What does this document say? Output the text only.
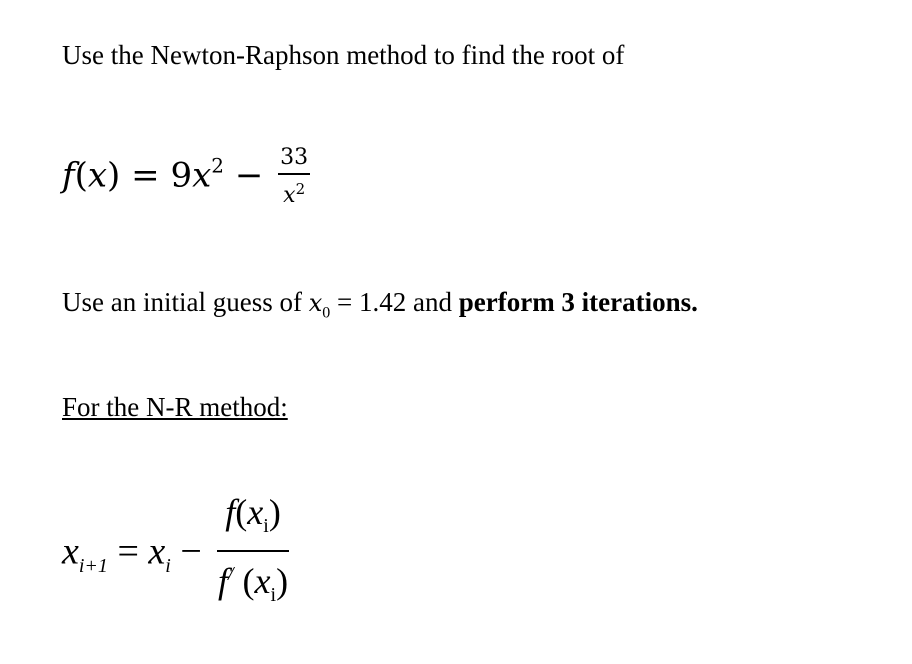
Use the Newton-Raphson method to find the root of
$f(x) = 9x^2 - \frac{33}{x^2}$
Use an initial guess of $x_0 = 1.42$ and perform 3 iterations.
For the N-R method:
$x_{i+1} = x_i - \frac{f(x_i)}{f^/ (x_i)}$
